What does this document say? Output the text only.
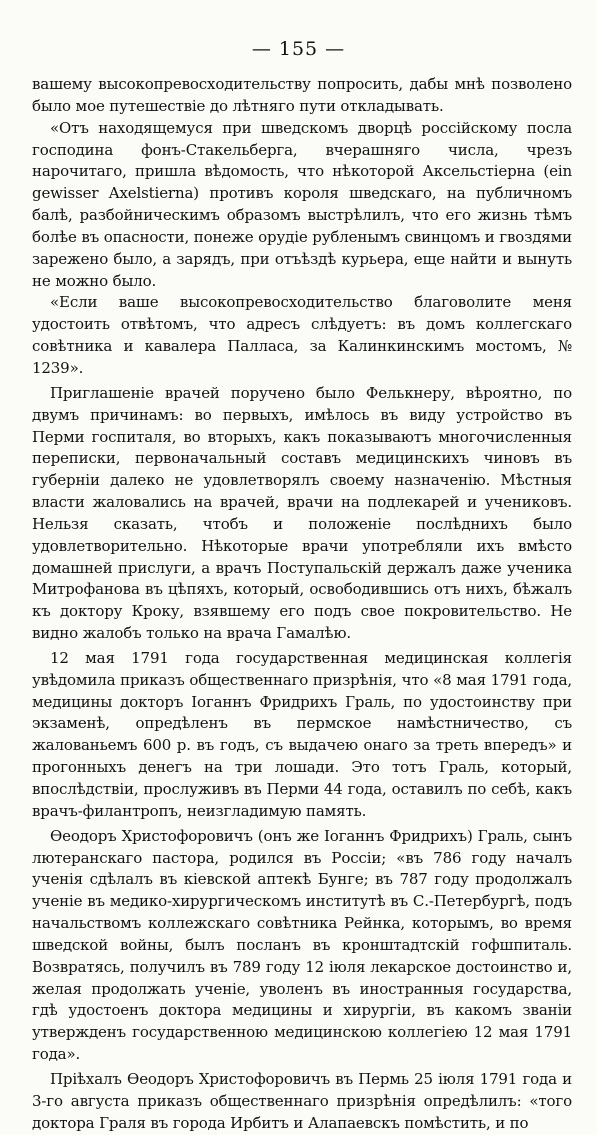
— 155 —

вашему высокопревосходительству попросить, дабы мнѣ позволено было мое путешествіе до лѣтняго пути откладывать.

«Отъ находящемуся при шведскомъ дворцѣ россійскому посла господина фонъ-Стакельберга, вчерашняго числа, чрезъ нарочитаго, пришла вѣдомость, что нѣкоторой Аксельстіерна (ein gewisser Axelstierna) противъ короля шведскаго, на публичномъ балѣ, разбойническимъ образомъ выстрѣлилъ, что его жизнь тѣмъ болѣе въ опасности, понеже орудіе рубленымъ свинцомъ и гвоздями зарежено было, а зарядъ, при отъѣздѣ курьера, еще найти и вынуть не можно было.

«Если ваше высокопревосходительство благоволите меня удостоить отвѣтомъ, что адресъ слѣдуетъ: въ домъ коллегскаго совѣтника и кавалера Палласа, за Калинкинскимъ мостомъ, № 1239».

Приглашеніе врачей поручено было Фелькнеру, вѣроятно, по двумъ причинамъ: во первыхъ, имѣлось въ виду устройство въ Перми госпиталя, во вторыхъ, какъ показываютъ многочисленныя переписки, первоначальный составъ медицинскихъ чиновъ въ губерніи далеко не удовлетворялъ своему назначенію. Мѣстныя власти жаловались на врачей, врачи на подлекарей и учениковъ. Нельзя сказать, чтобъ и положеніе послѣднихъ было удовлетворительно. Нѣкоторые врачи употребляли ихъ вмѣсто домашней прислуги, а врачъ Поступальскій держалъ даже ученика Митрофанова въ цѣпяхъ, который, освободившись отъ нихъ, бѣжалъ къ доктору Кроку, взявшему его подъ свое покровительство. Не видно жалобъ только на врача Гамалѣю.

12 мая 1791 года государственная медицинская коллегія увѣдомила приказъ общественнаго призрѣнія, что «8 мая 1791 года, медицины докторъ Іоганнъ Фридрихъ Граль, по удостоинству при экзаменѣ, опредѣленъ въ пермское намѣстничество, съ жалованьемъ 600 р. въ годъ, съ выдачею онаго за треть впередъ» и прогонныхъ денегъ на три лошади. Это тотъ Граль, который, впослѣдствіи, прослуживъ въ Перми 44 года, оставилъ по себѣ, какъ врачъ-филантропъ, неизгладимую память.

Ѳеодоръ Христофоровичъ (онъ же Іоганнъ Фридрихъ) Граль, сынъ лютеранскаго пастора, родился въ Россіи; «въ 786 году началъ ученія сдѣлалъ въ кіевской аптекѣ Бунге; въ 787 году продолжалъ ученіе въ медико-хирургическомъ институтѣ въ С.-Петербургѣ, подъ начальствомъ коллежскаго совѣтника Рейнка, которымъ, во время шведской войны, былъ посланъ въ кронштадтскій гофшпиталь. Возвратясь, получилъ въ 789 году 12 іюля лекарское достоинство и, желая продолжать ученіе, уволенъ въ иностранныя государства, гдѣ удостоенъ доктора медицины и хирургіи, въ какомъ званіи утвержденъ государственною медицинскою коллегіею 12 мая 1791 года».

Пріѣхалъ Ѳеодоръ Христофоровичъ въ Пермь 25 іюля 1791 года и 3-го августа приказъ общественнаго призрѣнія опредѣлилъ: «того доктора Граля въ города Ирбитъ и Алапаевскъ помѣстить, и по
